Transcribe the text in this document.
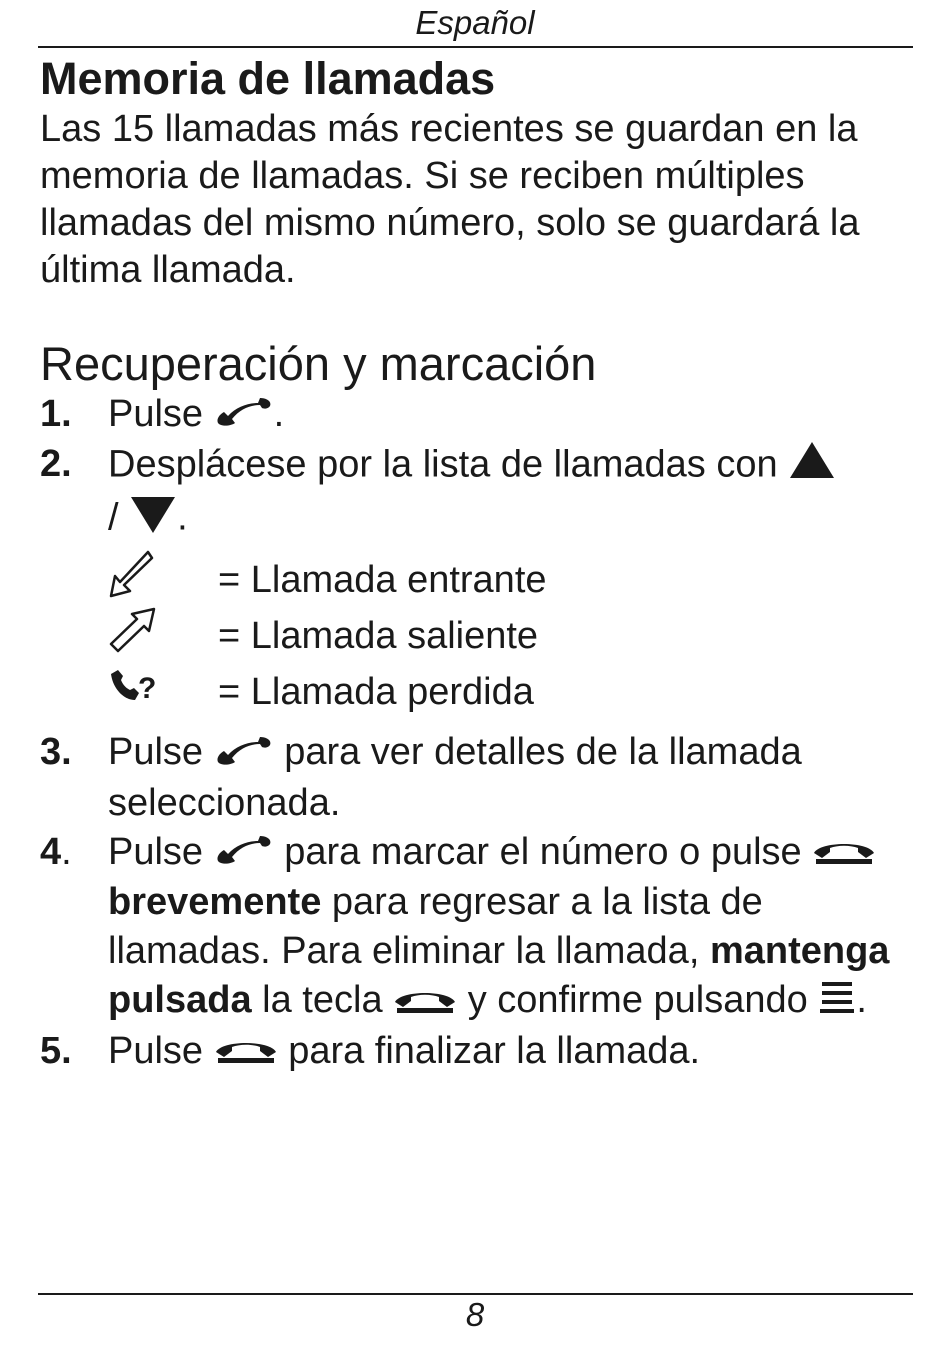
Español
Memoria de llamadas

Las 15 llamadas más recientes se guardan en la memoria de llamadas. Si se reciben múltiples llamadas del mismo número, solo se guardará la última llamada.

Recuperación y marcación
1. Pulse .
2. Desplácese por la lista de llamadas con
/ .
= Llamada entrante
= Llamada saliente
? = Llamada perdida
3. Pulse para ver detalles de la llamada seleccionada.
4. Pulse para marcar el número o pulse  brevemente para regresar a la lista de llamadas. Para eliminar la llamada, mantenga pulsada la tecla y confirme pulsando .
5. Pulse para finalizar la llamada.
8
